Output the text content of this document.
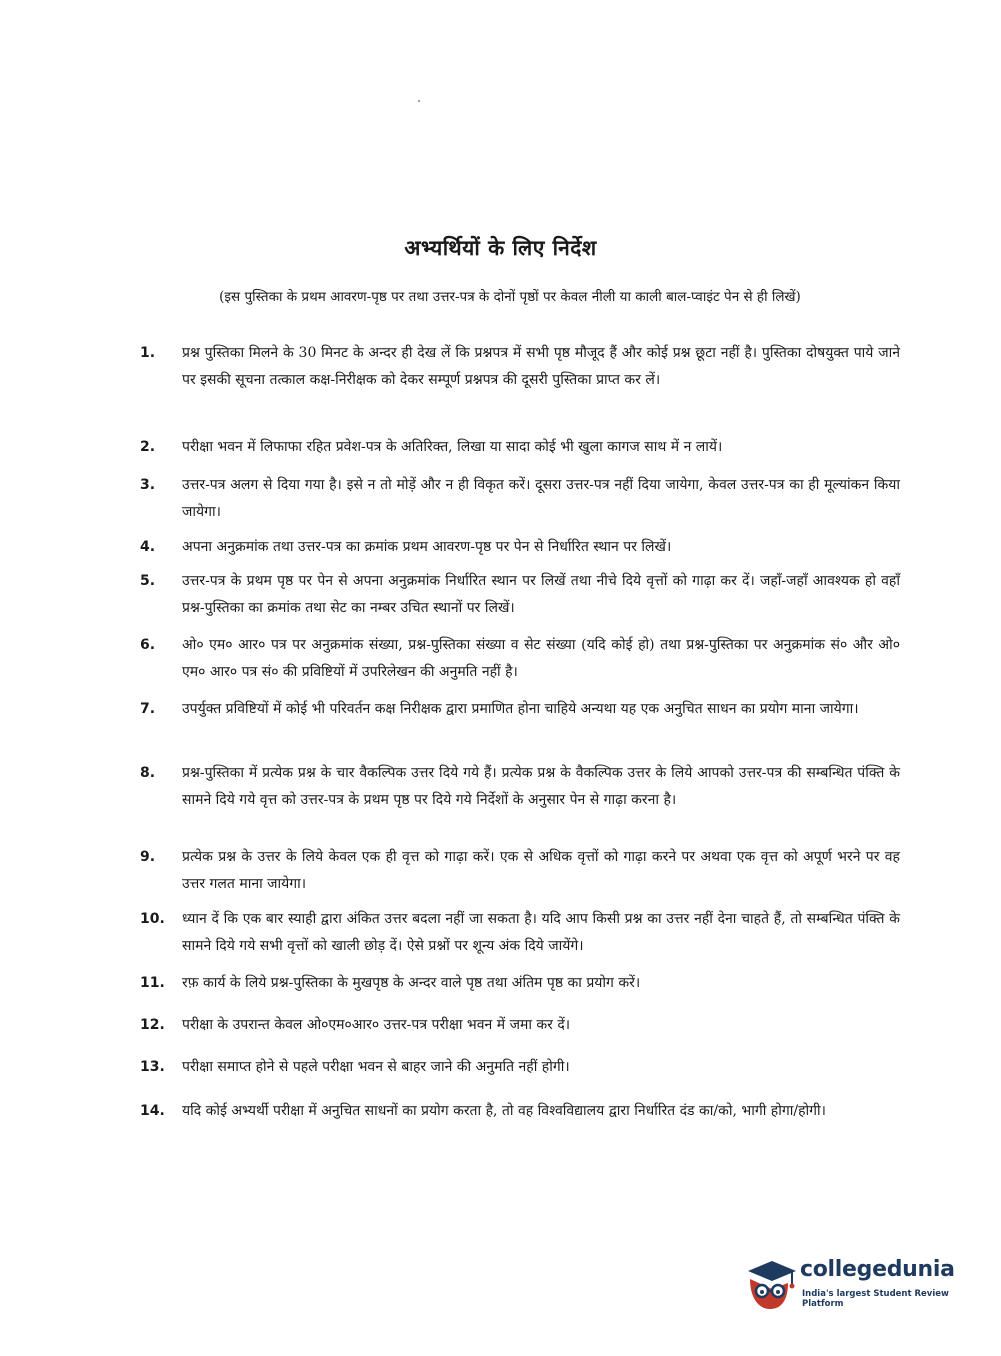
अभ्यर्थियों के लिए निर्देश
(इस पुस्तिका के प्रथम आवरण-पृष्ठ पर तथा उत्तर-पत्र के दोनों पृष्ठों पर केवल नीली या काली बाल-प्वाइंट पेन से ही लिखें)
1.	प्रश्न पुस्तिका मिलने के 30 मिनट के अन्दर ही देख लें कि प्रश्नपत्र में सभी पृष्ठ मौजूद हैं और कोई प्रश्न छूटा नहीं है। पुस्तिका दोषयुक्त पाये जाने पर इसकी सूचना तत्काल कक्ष-निरीक्षक को देकर सम्पूर्ण प्रश्नपत्र की दूसरी पुस्तिका प्राप्त कर लें।
2.	परीक्षा भवन में लिफाफा रहित प्रवेश-पत्र के अतिरिक्त, लिखा या सादा कोई भी खुला कागज साथ में न लायें।
3.	उत्तर-पत्र अलग से दिया गया है। इसे न तो मोड़ें और न ही विकृत करें। दूसरा उत्तर-पत्र नहीं दिया जायेगा, केवल उत्तर-पत्र का ही मूल्यांकन किया जायेगा।
4.	अपना अनुक्रमांक तथा उत्तर-पत्र का क्रमांक प्रथम आवरण-पृष्ठ पर पेन से निर्धारित स्थान पर लिखें।
5.	उत्तर-पत्र के प्रथम पृष्ठ पर पेन से अपना अनुक्रमांक निर्धारित स्थान पर लिखें तथा नीचे दिये वृत्तों को गाढ़ा कर दें। जहाँ-जहाँ आवश्यक हो वहाँ प्रश्न-पुस्तिका का क्रमांक तथा सेट का नम्बर उचित स्थानों पर लिखें।
6.	ओ० एम० आर० पत्र पर अनुक्रमांक संख्या, प्रश्न-पुस्तिका संख्या व सेट संख्या (यदि कोई हो) तथा प्रश्न-पुस्तिका पर अनुक्रमांक सं० और ओ० एम० आर० पत्र सं० की प्रविष्टियों में उपरिलेखन की अनुमति नहीं है।
7.	उपर्युक्त प्रविष्टियों में कोई भी परिवर्तन कक्ष निरीक्षक द्वारा प्रमाणित होना चाहिये अन्यथा यह एक अनुचित साधन का प्रयोग माना जायेगा।
8.	प्रश्न-पुस्तिका में प्रत्येक प्रश्न के चार वैकल्पिक उत्तर दिये गये हैं। प्रत्येक प्रश्न के वैकल्पिक उत्तर के लिये आपको उत्तर-पत्र की सम्बन्धित पंक्ति के सामने दिये गये वृत्त को उत्तर-पत्र के प्रथम पृष्ठ पर दिये गये निर्देशों के अनुसार पेन से गाढ़ा करना है।
9.	प्रत्येक प्रश्न के उत्तर के लिये केवल एक ही वृत्त को गाढ़ा करें। एक से अधिक वृत्तों को गाढ़ा करने पर अथवा एक वृत्त को अपूर्ण भरने पर वह उत्तर गलत माना जायेगा।
10.	ध्यान दें कि एक बार स्याही द्वारा अंकित उत्तर बदला नहीं जा सकता है। यदि आप किसी प्रश्न का उत्तर नहीं देना चाहते हैं, तो सम्बन्धित पंक्ति के सामने दिये गये सभी वृत्तों को खाली छोड़ दें। ऐसे प्रश्नों पर शून्य अंक दिये जायेंगे।
11.	रफ़ कार्य के लिये प्रश्न-पुस्तिका के मुखपृष्ठ के अन्दर वाले पृष्ठ तथा अंतिम पृष्ठ का प्रयोग करें।
12.	परीक्षा के उपरान्त केवल ओ०एम०आर० उत्तर-पत्र परीक्षा भवन में जमा कर दें।
13.	परीक्षा समाप्त होने से पहले परीक्षा भवन से बाहर जाने की अनुमति नहीं होगी।
14.	यदि कोई अभ्यर्थी परीक्षा में अनुचित साधनों का प्रयोग करता है, तो वह विश्वविद्यालय द्वारा निर्धारित दंड का/को, भागी होगा/होगी।
collegedunia
India's largest Student Review Platform
